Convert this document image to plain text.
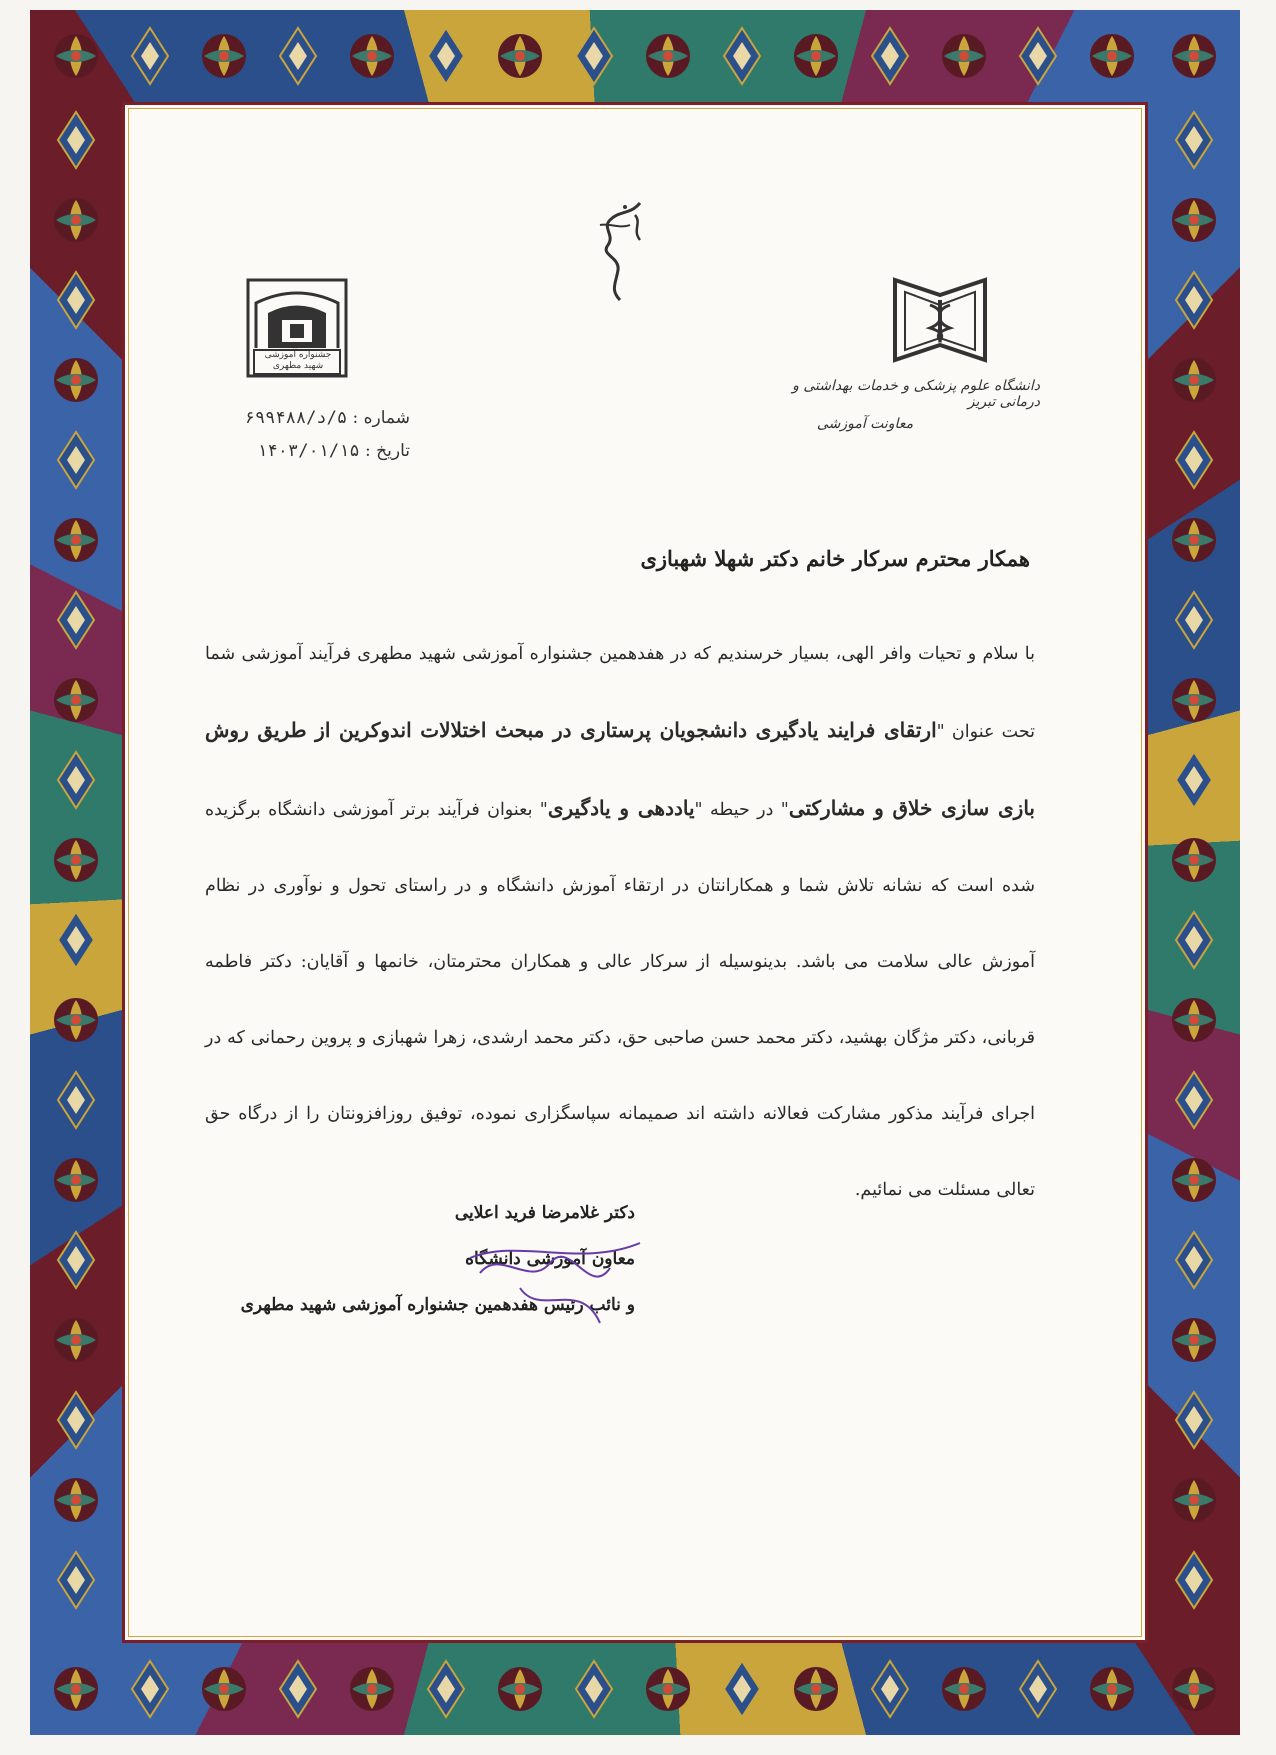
جشنواره آموزشی
شهید مطهری
دانشگاه علوم پزشکی و خدمات بهداشتی و درمانی تبریز
معاونت آموزشی
شماره : ۵/د/۶۹۹۴۸۸
تاریخ : ۱۴۰۳/۰۱/۱۵
همکار محترم سرکار خانم دکتر شهلا شهبازی
با سلام و تحیات وافر الهی، بسیار خرسندیم که در هفدهمین جشنواره آموزشی شهید مطهری فرآیند آموزشی شما تحت عنوان "ارتقای فرایند یادگیری دانشجویان پرستاری در مبحث اختلالات اندوکرین از طریق روش بازی سازی خلاق و مشارکتی" در حیطه "یاددهی و یادگیری" بعنوان فرآیند برتر آموزشی دانشگاه برگزیده شده است که نشانه تلاش شما و همکارانتان در ارتقاء آموزش دانشگاه و در راستای تحول و نوآوری در نظام آموزش عالی سلامت می باشد. بدینوسیله از سرکار عالی و همکاران محترمتان، خانمها و آقایان: دکتر فاطمه قربانی، دکتر مژگان بهشید، دکتر محمد حسن صاحبی حق، دکتر محمد ارشدی، زهرا شهبازی و پروین رحمانی که در اجرای فرآیند مذکور مشارکت فعالانه داشته اند صمیمانه سپاسگزاری نموده، توفیق روزافزونتان را از درگاه حق تعالی مسئلت می نمائیم.
دکتر غلامرضا فرید اعلایی
معاون آموزشی دانشگاه
و نائب رئیس هفدهمین جشنواره آموزشی شهید مطهری
